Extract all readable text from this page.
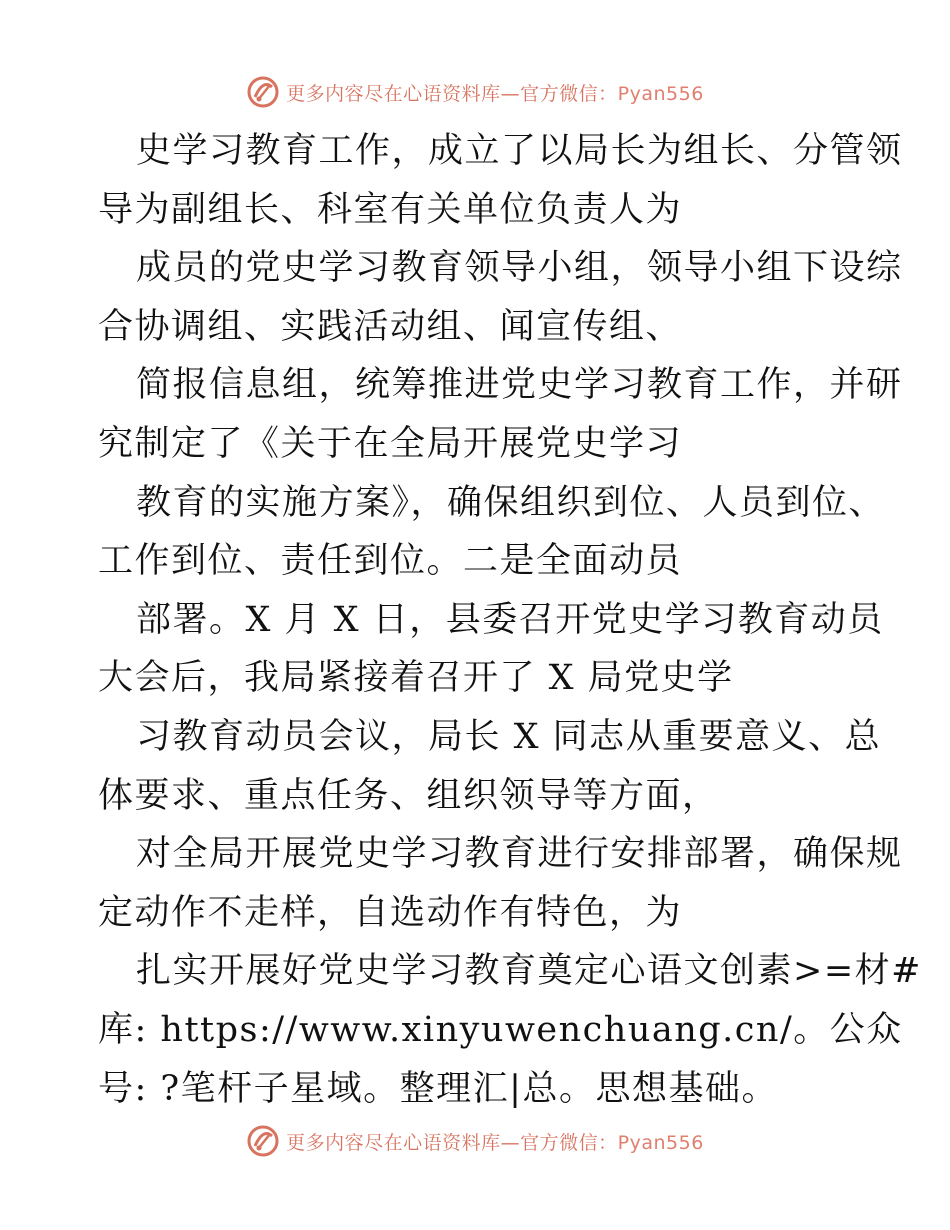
更多内容尽在心语资料库—官方微信：Pyan556
史学习教育工作，成立了以局长为组长、分管领
导为副组长、科室有关单位负责人为
成员的党史学习教育领导小组，领导小组下设综
合协调组、实践活动组、闻宣传组、
简报信息组，统筹推进党史学习教育工作，并研
究制定了《关于在全局开展党史学习
教育的实施方案》，确保组织到位、人员到位、
工作到位、责任到位。二是全面动员
部署。X 月 X 日，县委召开党史学习教育动员
大会后，我局紧接着召开了 X 局党史学
习教育动员会议，局长 X 同志从重要意义、总
体要求、重点任务、组织领导等方面，
对全局开展党史学习教育进行安排部署，确保规
定动作不走样，自选动作有特色，为
扎实开展好党史学习教育奠定心语文创素>=材#
库: https://www.xinyuwenchuang.cn/。公众
号: ?笔杆子星域。整理汇|总。思想基础。
更多内容尽在心语资料库—官方微信：Pyan556
